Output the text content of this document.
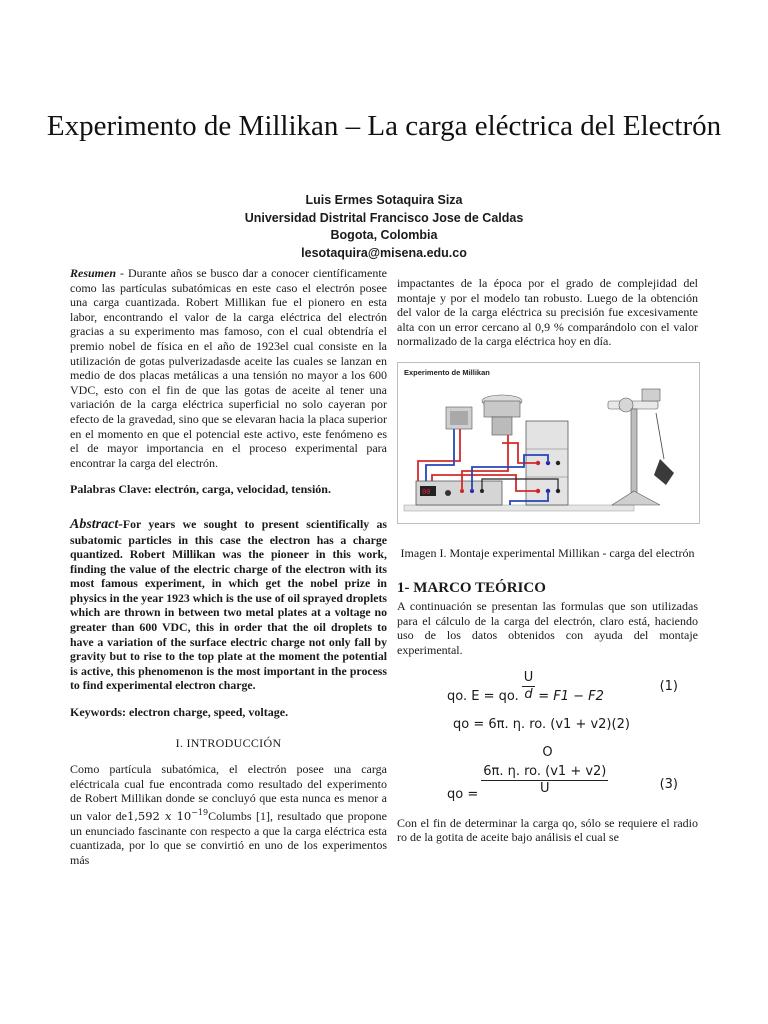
Experimento de Millikan – La carga eléctrica del Electrón
Luis Ermes Sotaquira Siza
Universidad Distrital Francisco Jose de Caldas
Bogota, Colombia
lesotaquira@misena.edu.co

Resumen - Durante años se busco dar a conocer científicamente como las partículas subatómicas en este caso el electrón posee una carga cuantizada. Robert Millikan fue el pionero en esta labor, encontrando el valor de la carga eléctrica del electrón gracias a su experimento mas famoso, con el cual obtendría el premio nobel de física en el año de 1923el cual consiste en la utilización de gotas pulverizadasde aceite las cuales se lanzan en medio de dos placas metálicas a una tensión no mayor a los 600 VDC, esto con el fin de que las gotas de aceite al tener una variación de la carga eléctrica superficial no solo cayeran por efecto de la gravedad, sino que se elevaran hacia la placa superior en el momento en que el potencial este activo, este fenómeno es el de mayor importancia en el proceso experimental para encontrar la carga del electrón.

Palabras Clave: electrón, carga, velocidad, tensión.

Abstract-For years we sought to present scientifically as subatomic particles in this case the electron has a charge quantized. Robert Millikan was the pioneer in this work, finding the value of the electric charge of the electron with its most famous experiment, in which get the nobel prize in physics in the year 1923 which is the use of oil sprayed droplets which are thrown in between two metal plates at a voltage no greater than 600 VDC, this in order that the oil droplets to have a variation of the surface electric charge not only fall by gravity but to rise to the top plate at the moment the potential is active, this phenomenon is the most important in the process to find experimental electron charge.

Keywords: electron charge, speed, voltage.

I. INTRODUCCIÓN

Como partícula subatómica, el electrón posee una carga eléctricala cual fue encontrada como resultado del experimento de Robert Millikan donde se concluyó que esta nunca es menor a un valor de1,592 𝑥 $10^{-19}Columbs$ [1], resultado que propone un enunciado fascinante con respecto a que la carga eléctrica esta cuantizada, por lo que se convirtió en uno de los experimentos más

impactantes de la época por el grado de complejidad del montaje y por el modelo tan robusto. Luego de la obtención del valor de la carga eléctrica su precisión fue excesivamente alta con un error cercano al 0,9 % comparándolo con el valor normalizado de la carga eléctrica hoy en día.

Experimento de Millikan
00

Imagen I. Montaje experimental Millikan - carga del electrón

1- MARCO TEÓRICO

A continuación se presentan las formulas que son utilizadas para el cálculo de la carga del electrón, claro está, haciendo uso de los datos obtenidos con ayuda del montaje experimental.

qo. E = qo. $\frac{U}{d} = F1 - F2$
(1)
qo = 6π. η. ro. (v1 + v2)(2)
O
qo = $\frac{6\pi. \eta. ro. (v1 + v2)}{U}$	(3)

Con el fin de determinar la carga qo, sólo se requiere el radio ro de la gotita de aceite bajo análisis el cual se
